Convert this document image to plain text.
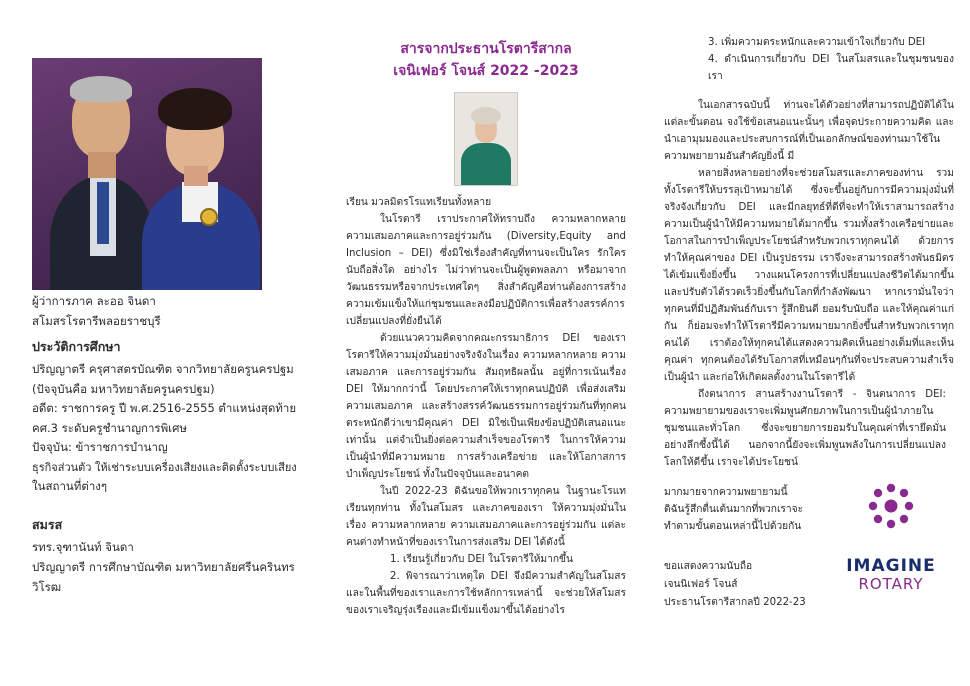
ผู้ว่าการภาค ละออ จินดา

สโมสรโรตารีพลอยราชบุรี

ประวัติการศึกษา

ปริญญาตรี ครุศาสตรบัณฑิต จากวิทยาลัยครูนครปฐม

(ปัจจุบันคือ มหาวิทยาลัยครูนครปฐม)

อดีต: ราชการครู ปี พ.ศ.2516-2555 ตำแหน่งสุดท้าย

คศ.3 ระดับครูชำนาญการพิเศษ

ปัจจุบัน: ข้าราชการบำนาญ

ธุรกิจส่วนตัว ให้เช่าระบบเครื่องเสียงและติดตั้งระบบเสียง

ในสถานที่ต่างๆ

สมรส

รทร.จุฑานันท์ จินดา

ปริญญาตรี การศึกษาบัณฑิต มหาวิทยาลัยศรีนครินทร

วิโรฒ

สารจากประธานโรตารีสากล

เจนิเฟอร์ โจนส์ 2022 -2023

เรียน มวลมิตรโรแทเรียนทั้งหลาย

ในโรตารี เราประกาศให้ทราบถึง ความหลากหลาย ความเสมอภาคและการอยู่ร่วมกัน (Diversity,Equity and Inclusion – DEI) ซึ่งมิใช่เรื่องสำคัญที่ทานจะเป็นใคร รักใคร นับถือสิ่งใด อย่างไร ไม่ว่าท่านจะเป็นผู้พูดพลลภา หรือมาจากวัฒนธรรมหรือจากประเทศใดๆ สิ่งสำคัญคือท่านต้องการสร้างความเข้มแข็งให้แก่ชุมชนและลงมือปฏิบัติการเพื่อสร้างสรรค์การเปลี่ยนแปลงที่ยั่งยืนได้

ด้วยแนวความคิดจากคณะกรรมาธิการ DEI ของเรา โรตารีให้ความมุ่งมั่นอย่างจริงจังในเรื่อง ความหลากหลาย ความเสมอภาค และการอยู่ร่วมกัน สัมฤทธิผลนั้น อยู่ที่การเน้นเรื่อง DEI ให้มากกว่านี้ โดยประกาศให้เราทุกคนปฏิบัติ เพื่อส่งเสริมความเสมอภาค และสร้างสรรค์วัฒนธรรมการอยู่ร่วมกันที่ทุกคนตระหนักดีว่าเขามีคุณค่า DEI มิใช่เป็นเพียงข้อปฏิบัติเสนอแนะเท่านั้น แต่จำเป็นยิ่งต่อความสำเร็จของโรตารี ในการให้ความเป็นผู้นำที่มีความหมาย การสร้างเครือข่าย และให้โอกาสการบำเพ็ญประโยชน์ ทั้งในปัจจุบันและอนาคต

ในปี 2022-23 ดิฉันขอให้พวกเราทุกคน ในฐานะโรแทเรียนทุกท่าน ทั้งในสโมสร และภาคของเรา ให้ความมุ่งมั่นในเรื่อง ความหลากหลาย ความเสมอภาคและการอยู่ร่วมกัน แต่ละคนต่างทำหน้าที่ของเราในการส่งเสริม DEI ได้ดังนี้

1. เรียนรู้เกี่ยวกับ DEI ในโรตารีให้มากขึ้น

2. พิจารณาว่าเหตุใด DEI จึงมีความสำคัญในสโมสร และในพื้นที่ของเราและการใช้หลักการเหล่านี้ จะช่วยให้สโมสรของเราเจริญรุ่งเรืองและมีเข้มแข็งมาขึ้นได้อย่างไร

3. เพิ่มความตระหนักและความเข้าใจเกี่ยวกับ DEI

4. ดำเนินการเกี่ยวกับ DEI ในสโมสรและในชุมชนของเรา

ในเอกสารฉบับนี้ ท่านจะได้ตัวอย่างที่สามารถปฏิบัติได้ในแต่ละขั้นตอน จงใช้ข้อเสนอแนะนั้นๆ เพื่อจุดประกายความคิด และนำเอามุมมองและประสบการณ์ที่เป็นเอกลักษณ์ของท่านมาใช้ในความพยายามอันสำคัญยิ่งนี้ มี

หลายสิ่งหลายอย่างที่จะช่วยสโมสรและภาคของท่าน รวมทั้งโรตารีให้บรรลุเป้าหมายได้ ซึ่งจะขึ้นอยู่กับการมีความมุ่งมั่นที่จริงจังเกี่ยวกับ DEI และมีกลยุทธ์ที่ดีที่จะทำให้เราสามารถสร้างความเป็นผู้นำให้มีความหมายได้มากขึ้น รวมทั้งสร้างเครือข่ายและโอกาสในการบำเพ็ญประโยชน์สำหรับพวกเราทุกคนได้ ด้วยการทำให้คุณค่าของ DEI เป็นรูปธรรม เราจึงจะสามารถสร้างพันธมิตรได้เข้มแข็งยิ่งขึ้น วางแผนโครงการที่เปลี่ยนแปลงชีวิตได้มากขึ้น และปรับตัวได้รวดเร็วยิ่งขึ้นกับโลกที่กำลังพัฒนา หากเรามั่นใจว่าทุกคนที่มีปฏิสัมพันธ์กับเรา รู้สึกยินดี ยอมรับนับถือ และให้คุณค่าแก่กัน ก็ย่อมจะทำให้โรตารีมีความหมายมากยิ่งขึ้นสำหรับพวกเราทุกคนได้ เราต้องให้ทุกคนได้แสดงความคิดเห็นอย่างเต็มที่และเห็นคุณค่า ทุกคนต้องได้รับโอกาสที่เหมือนๆกันที่จะประสบความสำเร็จ เป็นผู้นำ และก่อให้เกิดผลตั้งงานในโรตารีได้

ถึงตนาการ สานสร้างงานโรตารี - จินตนาการ DEI: ความพยายามของเราจะเพิ่มพูนศักยภาพในการเป็นผู้นำภายในชุมชนและทั่วโลก ซึ่งจะขยายการยอมรับในคุณค่าที่เรายึดมั่นอย่างลึกซึ้งนี้ได้ นอกจากนี้ยังจะเพิ่มพูนพลังในการเปลี่ยนแปลงโลกให้ดีขึ้น เราจะได้ประโยชน์

มากมายจากความพยายามนี้ ดิฉันรู้สึกตื่นเต้นมากที่พวกเราจะทำตามขั้นตอนเหล่านี้ไปด้วยกัน

IMAGINE
ROTARY

ขอแสดงความนับถือ

เจนนิเฟอร์ โจนส์

ประธานโรตารีสากลปี 2022-23
